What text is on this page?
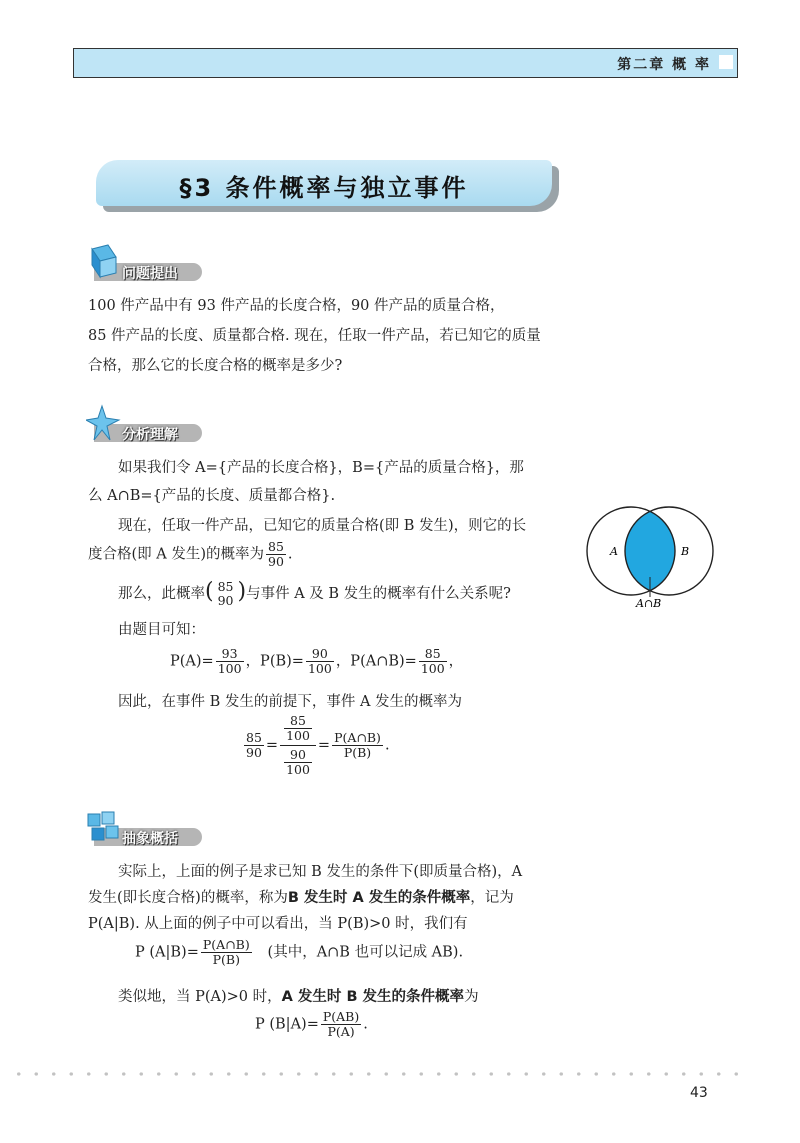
第二章 概 率
§3 条件概率与独立事件
问题提出
100 件产品中有 93 件产品的长度合格，90 件产品的质量合格，
85 件产品的长度、质量都合格. 现在，任取一件产品，若已知它的质量
合格，那么它的长度合格的概率是多少?
分析理解
如果我们令 A={产品的长度合格}，B={产品的质量合格}，那
么 A∩B={产品的长度、质量都合格}.
现在，任取一件产品，已知它的质量合格(即 B 发生)，则它的长
度合格(即 A 发生)的概率为 $\frac{85}{90}$ .	A	B
A∩B
那么，此概率( 85
90 )与事件 A 及 B 发生的概率有什么关系呢?
由题目可知：
$P(A)= \frac{93}{100}$ ，$P(B)= \frac{90}{100}$ ，P(A∩B)= $\frac{85}{100}$ ，
因此，在事件 B 发生的前提下，事件 A 发生的概率为
$\frac{85}{90} = \frac{\frac{85}{100}}{\frac{90}{100}} = \frac{P(A\cap B)}{P(B)}$ .
抽象概括
实际上，上面的例子是求已知 B 发生的条件下(即质量合格)，A
发生(即长度合格)的概率，称为B 发生时 A 发生的条件概率，记为
P(A|B). 从上面的例子中可以看出，当 P(B)>0 时，我们有
P $(A|B)= \frac{P(A\cap B)}{P(B)}$ (其中，A∩B 也可以记成 AB).
类似地，当 P(A)>0 时，A 发生时 B 发生的条件概率为
P $(B|A)= \frac{P(AB)}{P(A)}$ .
43
